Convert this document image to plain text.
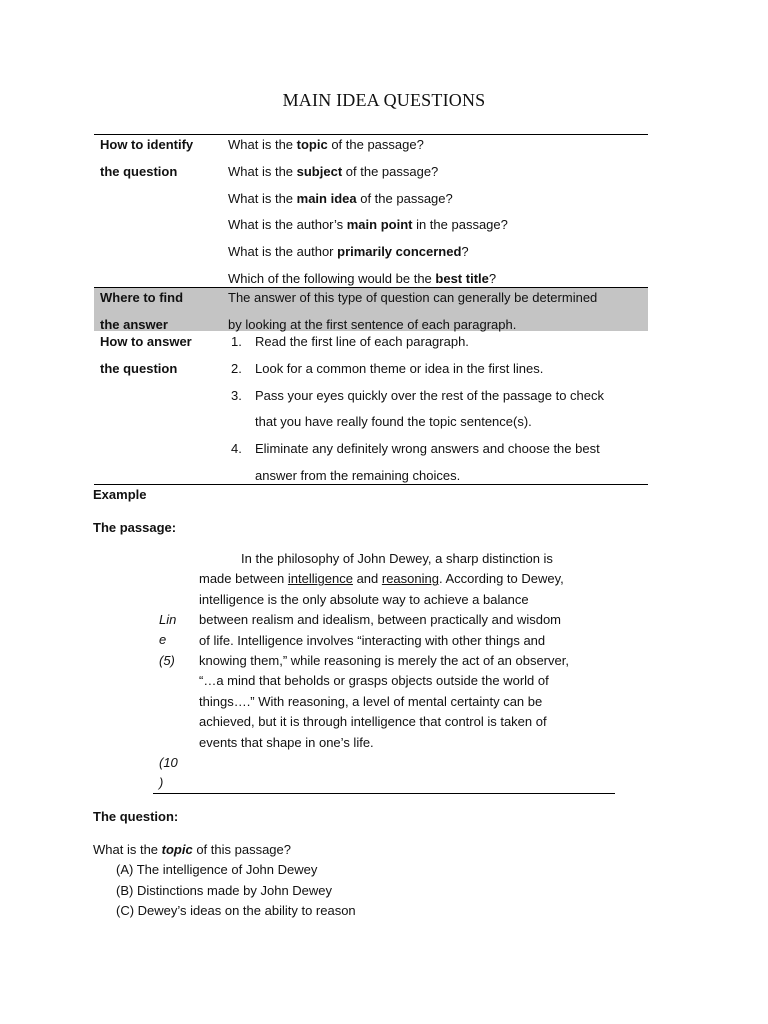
MAIN IDEA QUESTIONS
How to identify
the question
What is the topic of the passage?
What is the subject of the passage?
What is the main idea of the passage?
What is the author’s main point in the passage?
What is the author primarily concerned?
Which of the following would be the best title?
Where to find
the answer
The answer of this type of question can generally be determined
by looking at the first sentence of each paragraph.
How to answer
the question
1. Read the first line of each paragraph.
2. Look for a common theme or idea in the first lines.
3. Pass your eyes quickly over the rest of the passage to check
that you have really found the topic sentence(s).
4. Eliminate any definitely wrong answers and choose the best
answer from the remaining choices.
Example
The passage:

In the philosophy of John Dewey, a sharp distinction is

made between intelligence and reasoning. According to Dewey,

intelligence is the only absolute way to achieve a balance

between realism and idealism, between practically and wisdom

of life. Intelligence involves “interacting with other things and

knowing them,” while reasoning is merely the act of an observer,

“…a mind that beholds or grasps objects outside the world of

things….” With reasoning, a level of mental certainty can be

achieved, but it is through intelligence that control is taken of

events that shape in one’s life.

Lin
e
(5)
(10
)
The question:
What is the topic of this passage?
(A) The intelligence of John Dewey
(B) Distinctions made by John Dewey
(C) Dewey’s ideas on the ability to reason
